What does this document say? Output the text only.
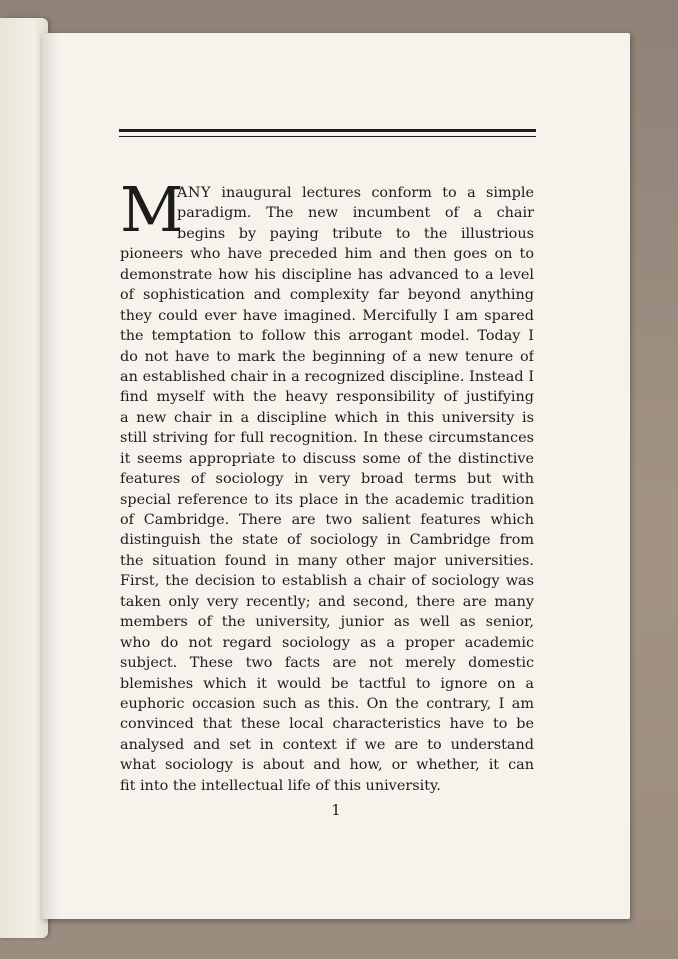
M
ANY inaugural lectures conform to a simple
paradigm. The new incumbent of a chair
begins by paying tribute to the illustrious
pioneers who have preceded him and then goes on to
demonstrate how his discipline has advanced to a level
of sophistication and complexity far beyond anything
they could ever have imagined. Mercifully I am spared
the temptation to follow this arrogant model. Today I
do not have to mark the beginning of a new tenure of
an established chair in a recognized discipline. Instead I
find myself with the heavy responsibility of justifying
a new chair in a discipline which in this university is
still striving for full recognition. In these circumstances
it seems appropriate to discuss some of the distinctive
features of sociology in very broad terms but with
special reference to its place in the academic tradition
of Cambridge. There are two salient features which
distinguish the state of sociology in Cambridge from
the situation found in many other major universities.
First, the decision to establish a chair of sociology was
taken only very recently; and second, there are many
members of the university, junior as well as senior,
who do not regard sociology as a proper academic
subject. These two facts are not merely domestic
blemishes which it would be tactful to ignore on a
euphoric occasion such as this. On the contrary, I am
convinced that these local characteristics have to be
analysed and set in context if we are to understand
what sociology is about and how, or whether, it can
fit into the intellectual life of this university.
1
